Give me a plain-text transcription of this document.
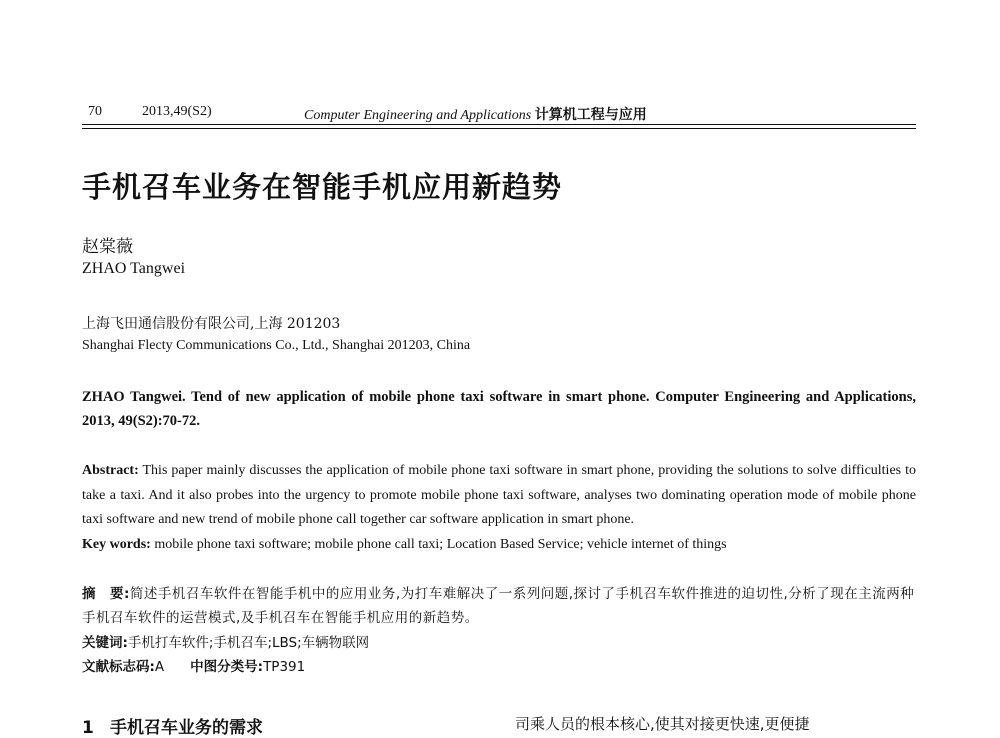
70	2013,49(S2)	Computer Engineering and Applications 计算机工程与应用
手机召车业务在智能手机应用新趋势
赵棠薇
ZHAO Tangwei
上海飞田通信股份有限公司,上海 201203
Shanghai Flecty Communications Co., Ltd., Shanghai 201203, China
ZHAO Tangwei. Tend of new application of mobile phone taxi software in smart phone. Computer Engineering and Applications, 2013, 49(S2):70-72.
Abstract: This paper mainly discusses the application of mobile phone taxi software in smart phone, providing the solutions to solve difficulties to take a taxi. And it also probes into the urgency to promote mobile phone taxi software, analyses two dominating operation mode of mobile phone taxi software and new trend of mobile phone call together car software application in smart phone.
Key words: mobile phone taxi software; mobile phone call taxi; Location Based Service; vehicle internet of things
摘　要:简述手机召车软件在智能手机中的应用业务,为打车难解决了一系列问题,探讨了手机召车软件推进的迫切性,分析了现在主流两种手机召车软件的运营模式,及手机召车在智能手机应用的新趋势。
关键词:手机打车软件;手机召车;LBS;车辆物联网
文献标志码:A 中图分类号:TP391
1 手机召车业务的需求	司乘人员的根本核心,使其对接更快速,更便捷
